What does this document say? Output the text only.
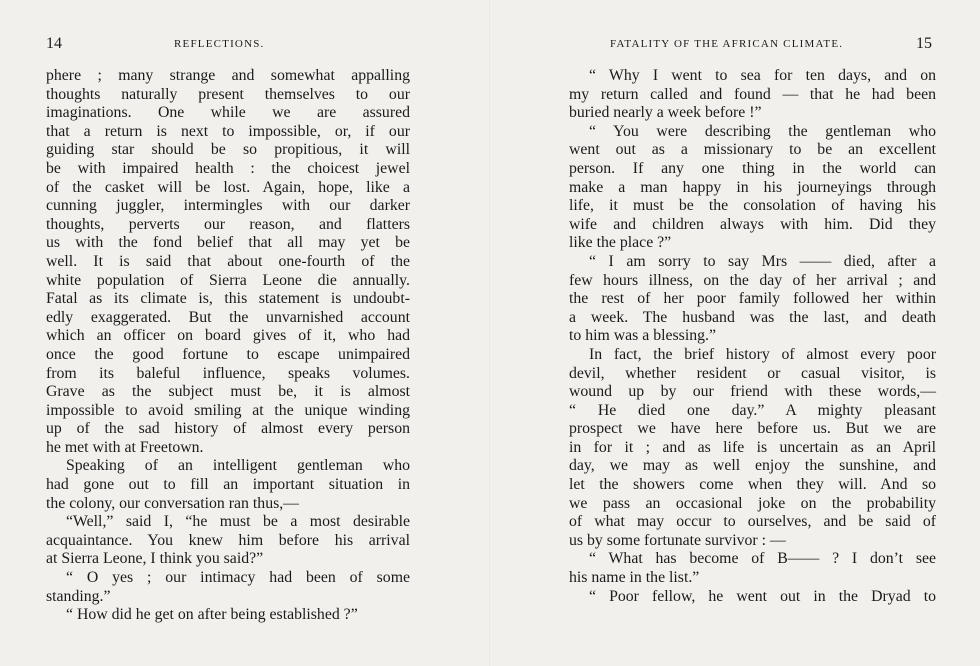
14	REFLECTIONS.
phere ; many strange and somewhat appalling
thoughts naturally present themselves to our
imaginations. One while we are assured
that a return is next to impossible, or, if our
guiding star should be so propitious, it will
be with impaired health : the choicest jewel
of the casket will be lost. Again, hope, like a
cunning juggler, intermingles with our darker
thoughts, perverts our reason, and flatters
us with the fond belief that all may yet be
well. It is said that about one-fourth of the
white population of Sierra Leone die annually.
Fatal as its climate is, this statement is undoubt-
edly exaggerated. But the unvarnished account
which an officer on board gives of it, who had
once the good fortune to escape unimpaired
from its baleful influence, speaks volumes.
Grave as the subject must be, it is almost
impossible to avoid smiling at the unique winding
up of the sad history of almost every person
he met with at Freetown.
Speaking of an intelligent gentleman who
had gone out to fill an important situation in
the colony, our conversation ran thus,—
“Well,” said I, “he must be a most desirable
acquaintance. You knew him before his arrival
at Sierra Leone, I think you said?”
“ O yes ; our intimacy had been of some
standing.”
“ How did he get on after being established ?”
FATALITY OF THE AFRICAN CLIMATE.	15
“ Why I went to sea for ten days, and on
my return called and found — that he had been
buried nearly a week before !”
“ You were describing the gentleman who
went out as a missionary to be an excellent
person. If any one thing in the world can
make a man happy in his journeyings through
life, it must be the consolation of having his
wife and children always with him. Did they
like the place ?”
“ I am sorry to say Mrs —— died, after a
few hours illness, on the day of her arrival ; and
the rest of her poor family followed her within
a week. The husband was the last, and death
to him was a blessing.”
In fact, the brief history of almost every poor
devil, whether resident or casual visitor, is
wound up by our friend with these words,—
“ He died one day.” A mighty pleasant
prospect we have here before us. But we are
in for it ; and as life is uncertain as an April
day, we may as well enjoy the sunshine, and
let the showers come when they will. And so
we pass an occasional joke on the probability
of what may occur to ourselves, and be said of
us by some fortunate survivor : —
“ What has become of B—— ? I don’t see
his name in the list.”
“ Poor fellow, he went out in the Dryad to
